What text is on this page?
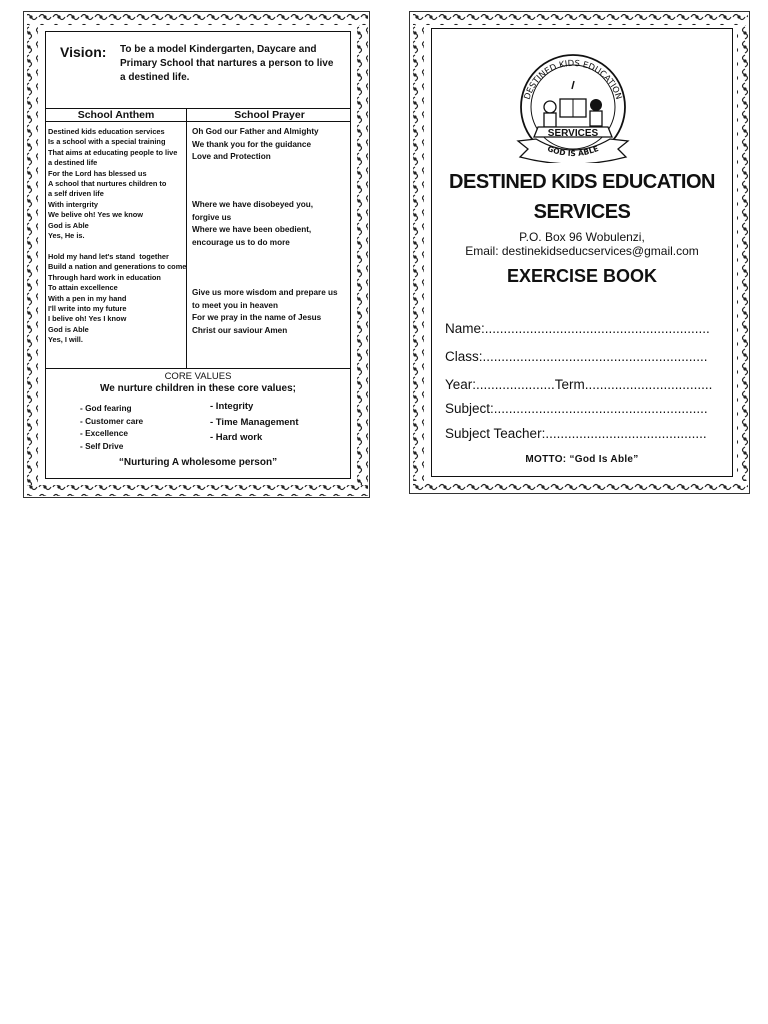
Vision: To be a model Kindergarten, Daycare and Primary School that nartures a person to live a destined life.
School Anthem	School Prayer
Destined kids education services
Is a school with a special training
That aims at educating people to live
a destined life
For the Lord has blessed us
A school that nurtures children to
a self driven life
With intergrity
We belive oh! Yes we know
God is Able
Yes, He is.
Hold my hand let's stand  together
Build a nation and generations to come
Through hard work in education
To attain excellence
With a pen in my hand
I'll write into my future
I belive oh! Yes I know
God is Able
Yes, I will.
Oh God our Father and Almighty
We thank you for the guidance
Love and Protection
Where we have disobeyed you,
forgive us
Where we have been obedient,
encourage us to do more
Give us more wisdom and prepare us
to meet you in heaven
For we pray in the name of Jesus
Christ our saviour Amen
CORE VALUES
We nurture children in these core values;
- God fearing
- Customer care
- Excellence
- Self Drive
- Integrity
- Time Management
- Hard work
“Nurturing A wholesome person”
DESTINED KIDS EDUCATION
SERVICES
GOD IS ABLE
DESTINED KIDS EDUCATION
SERVICES
P.O. Box 96 Wobulenzi,
Email: destinekidseducservices@gmail.com
EXERCISE BOOK
Name:............................................................
Class:............................................................
Year:.....................Term..................................
Subject:.........................................................
Subject Teacher:...........................................
MOTTO: “God Is Able”
